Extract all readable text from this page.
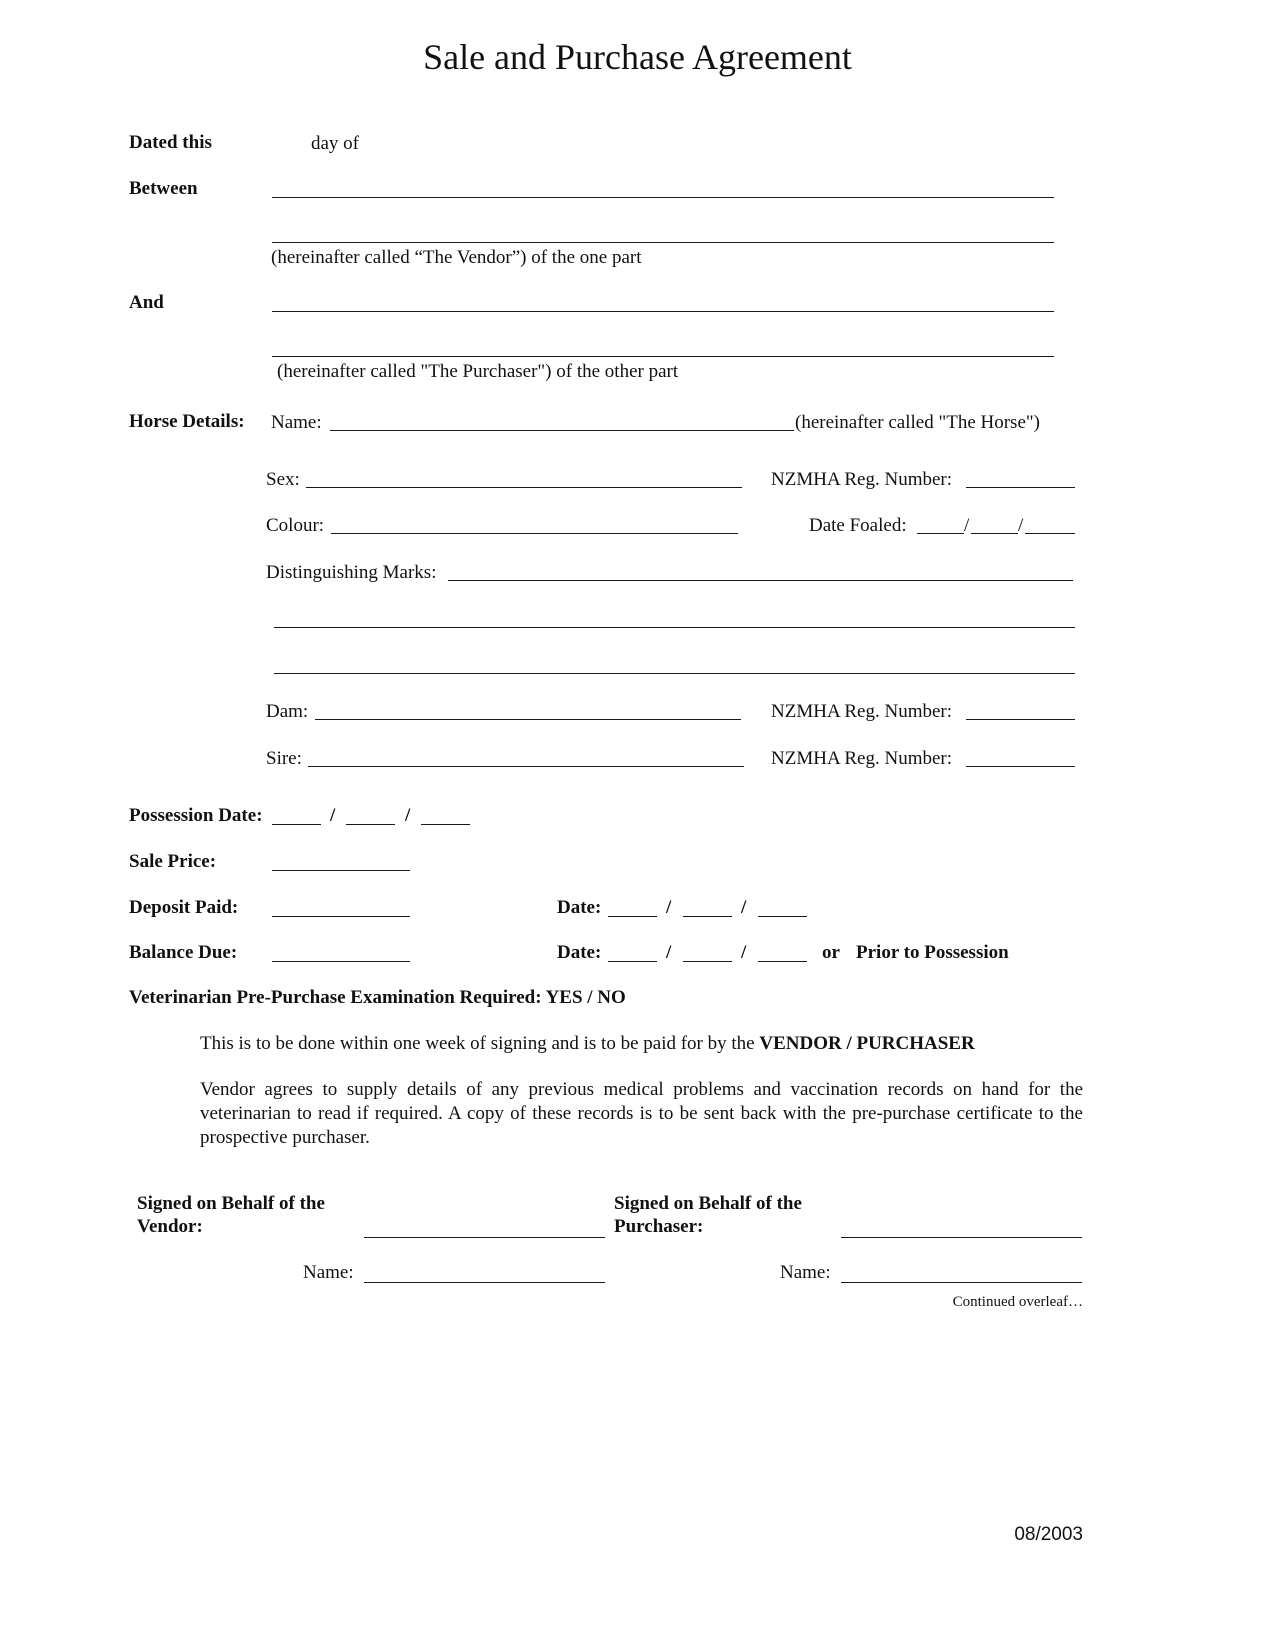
Sale and Purchase Agreement
Dated this	day of
Between
(hereinafter called “The Vendor”) of the one part
And
(hereinafter called "The Purchaser") of the other part
Horse Details: Name:	(hereinafter called "The Horse")
Sex:	NZMHA Reg. Number:
Colour:	Date Foaled:	/	/
Distinguishing Marks:
Dam:	NZMHA Reg. Number:
Sire:	NZMHA Reg. Number:
Possession Date:	/	/
Sale Price:
Deposit Paid:	Date:	/	/
Balance Due:	Date:	/	/	or Prior to Possession
Veterinarian Pre-Purchase Examination Required: YES / NO
This is to be done within one week of signing and is to be paid for by the VENDOR / PURCHASER
Vendor agrees to supply details of any previous medical problems and vaccination records on hand for the veterinarian to read if required. A copy of these records is to be sent back with the pre-purchase certificate to the prospective purchaser.
Signed on Behalf of the
Vendor:
Name:
Signed on Behalf of the
Purchaser:
Name:
Continued overleaf…
08/2003
